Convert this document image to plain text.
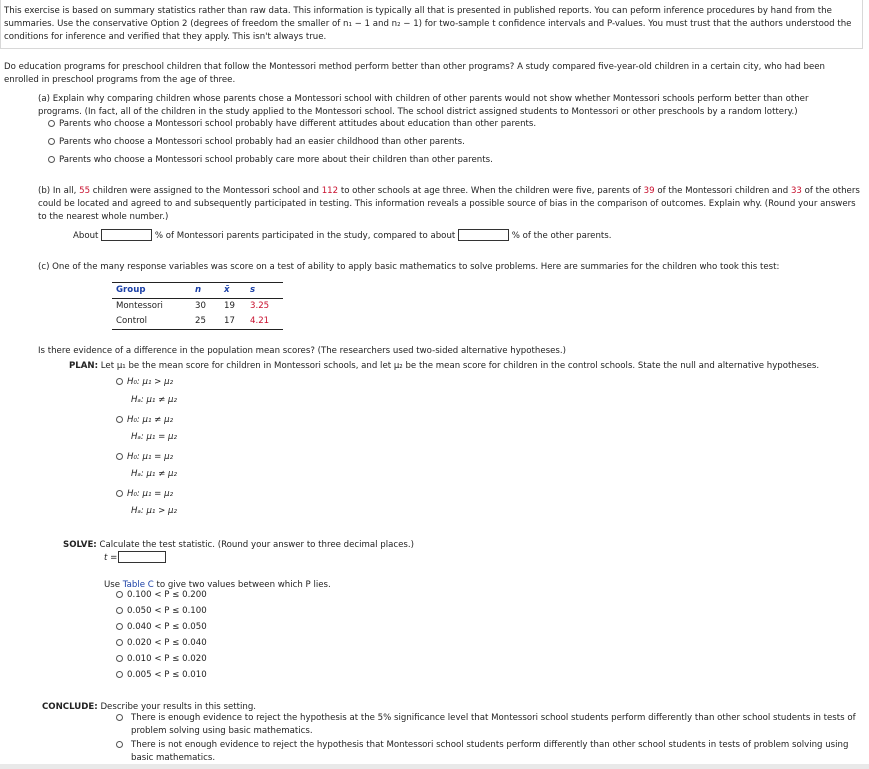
This exercise is based on summary statistics rather than raw data. This information is typically all that is presented in published reports. You can peform inference procedures by hand from the summaries. Use the conservative Option 2 (degrees of freedom the smaller of n₁ − 1 and n₂ − 1) for two-sample t confidence intervals and P-values. You must trust that the authors understood the conditions for inference and verified that they apply. This isn't always true.
Do education programs for preschool children that follow the Montessori method perform better than other programs? A study compared five-year-old children in a certain city, who had been enrolled in preschool programs from the age of three.
(a) Explain why comparing children whose parents chose a Montessori school with children of other parents would not show whether Montessori schools perform better than other programs. (In fact, all of the children in the study applied to the Montessori school. The school district assigned students to Montessori or other preschools by a random lottery.)
Parents who choose a Montessori school probably have different attitudes about education than other parents.
Parents who choose a Montessori school probably had an easier childhood than other parents.
Parents who choose a Montessori school probably care more about their children than other parents.
(b) In all, 55 children were assigned to the Montessori school and 112 to other schools at age three. When the children were five, parents of 39 of the Montessori children and 33 of the others could be located and agreed to and subsequently participated in testing. This information reveals a possible source of bias in the comparison of outcomes. Explain why. (Round your answers to the nearest whole number.)
About	% of Montessori parents participated in the study, compared to about	% of the other parents.
(c) One of the many response variables was score on a test of ability to apply basic mathematics to solve problems. Here are summaries for the children who took this test:
Group	n	x̄	s
Montessori	30	19	3.25
Control	25	17	4.21
Is there evidence of a difference in the population mean scores? (The researchers used two-sided alternative hypotheses.)
PLAN: Let μ₁ be the mean score for children in Montessori schools, and let μ₂ be the mean score for children in the control schools. State the null and alternative hypotheses.
H₀: μ₁ > μ₂
Hₐ: μ₁ ≠ μ₂
H₀: μ₁ ≠ μ₂
Hₐ: μ₁ = μ₂
H₀: μ₁ = μ₂
Hₐ: μ₁ ≠ μ₂
H₀: μ₁ = μ₂
Hₐ: μ₁ > μ₂
SOLVE: Calculate the test statistic. (Round your answer to three decimal places.)
t =
Use Table C to give two values between which P lies.
0.100 < P ≤ 0.200
0.050 < P ≤ 0.100
0.040 < P ≤ 0.050
0.020 < P ≤ 0.040
0.010 < P ≤ 0.020
0.005 < P ≤ 0.010
CONCLUDE: Describe your results in this setting.
There is enough evidence to reject the hypothesis at the 5% significance level that Montessori school students perform differently than other school students in tests of problem solving using basic mathematics.
There is not enough evidence to reject the hypothesis that Montessori school students perform differently than other school students in tests of problem solving using basic mathematics.
